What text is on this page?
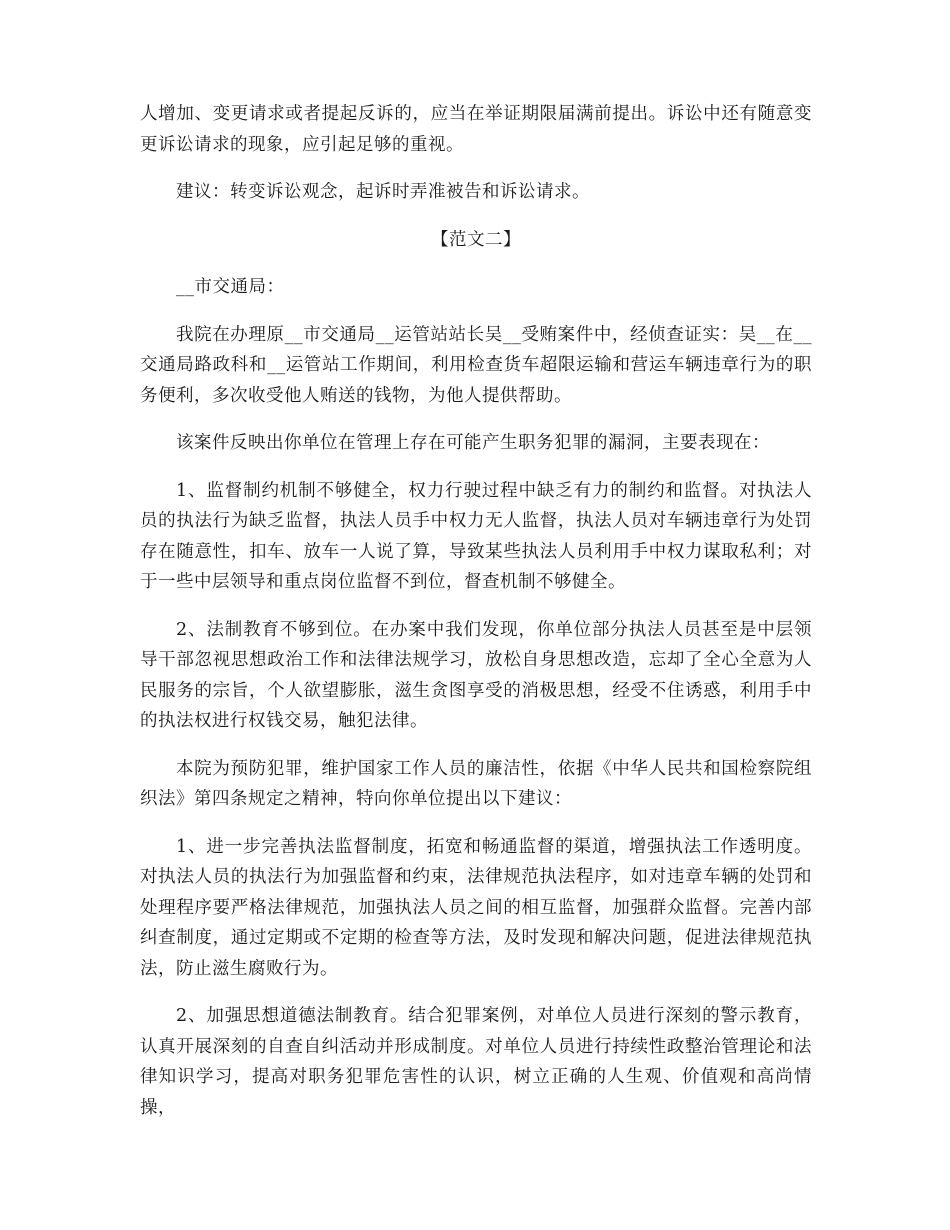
人增加、变更请求或者提起反诉的，应当在举证期限届满前提出。诉讼中还有随意变更诉讼请求的现象，应引起足够的重视。

建议：转变诉讼观念，起诉时弄准被告和诉讼请求。

【范文二】

__市交通局：

我院在办理原__市交通局__运管站站长吴__受贿案件中，经侦查证实：吴__在__交通局路政科和__运管站工作期间，利用检查货车超限运输和营运车辆违章行为的职务便利，多次收受他人贿送的钱物，为他人提供帮助。

该案件反映出你单位在管理上存在可能产生职务犯罪的漏洞，主要表现在：

1、监督制约机制不够健全，权力行驶过程中缺乏有力的制约和监督。对执法人员的执法行为缺乏监督，执法人员手中权力无人监督，执法人员对车辆违章行为处罚存在随意性，扣车、放车一人说了算，导致某些执法人员利用手中权力谋取私利；对于一些中层领导和重点岗位监督不到位，督查机制不够健全。

2、法制教育不够到位。在办案中我们发现，你单位部分执法人员甚至是中层领导干部忽视思想政治工作和法律法规学习，放松自身思想改造，忘却了全心全意为人民服务的宗旨，个人欲望膨胀，滋生贪图享受的消极思想，经受不住诱惑，利用手中的执法权进行权钱交易，触犯法律。

本院为预防犯罪，维护国家工作人员的廉洁性，依据《中华人民共和国检察院组织法》第四条规定之精神，特向你单位提出以下建议：

1、进一步完善执法监督制度，拓宽和畅通监督的渠道，增强执法工作透明度。对执法人员的执法行为加强监督和约束，法律规范执法程序，如对违章车辆的处罚和处理程序要严格法律规范，加强执法人员之间的相互监督，加强群众监督。完善内部纠查制度，通过定期或不定期的检查等方法，及时发现和解决问题，促进法律规范执法，防止滋生腐败行为。

2、加强思想道德法制教育。结合犯罪案例，对单位人员进行深刻的警示教育，认真开展深刻的自查自纠活动并形成制度。对单位人员进行持续性政整治管理论和法律知识学习，提高对职务犯罪危害性的认识，树立正确的人生观、价值观和高尚情操，
